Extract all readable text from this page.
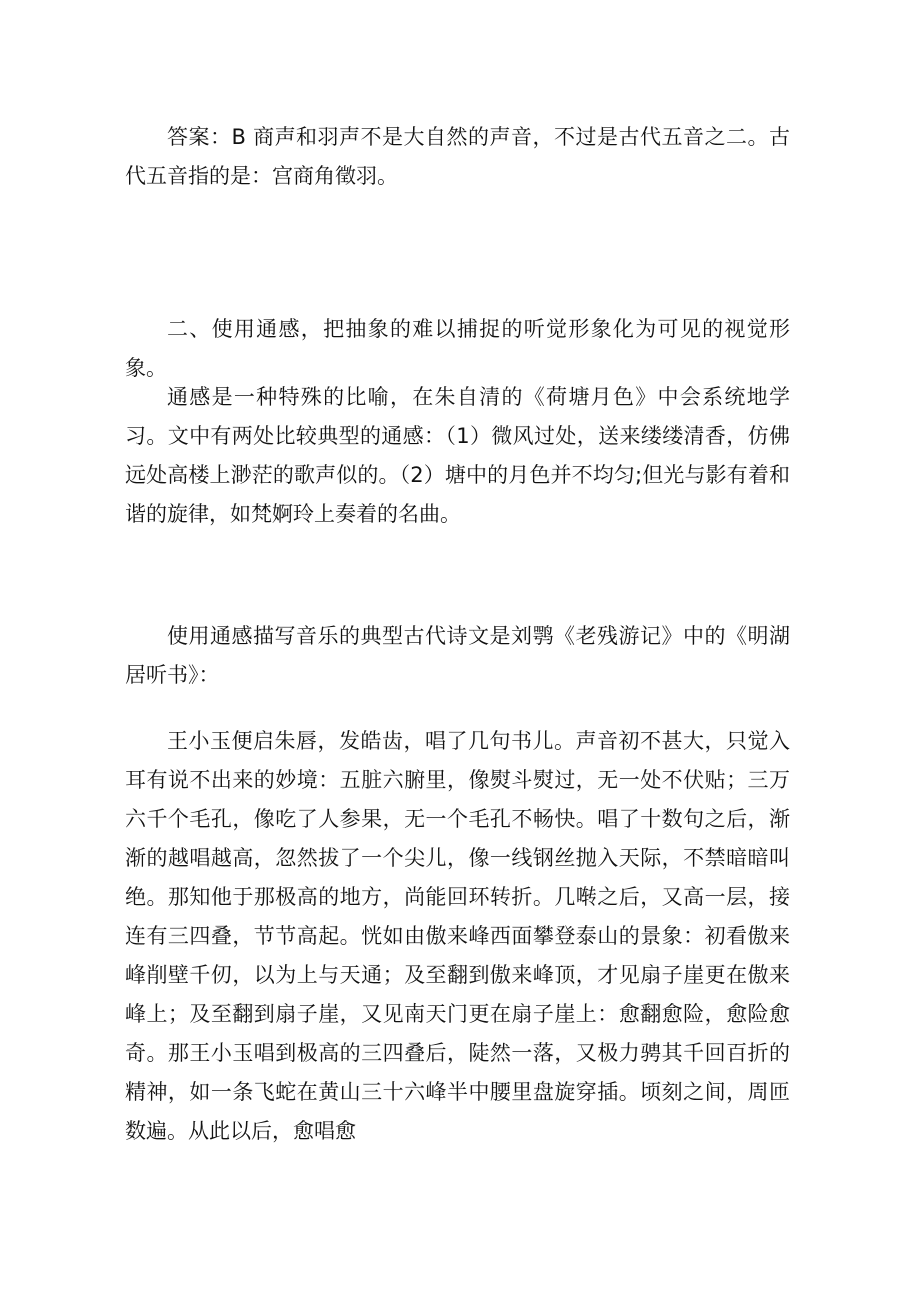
答案：B 商声和羽声不是大自然的声音，不过是古代五音之二。古代五音指的是：宫商角徵羽。

二、使用通感，把抽象的难以捕捉的听觉形象化为可见的视觉形象。

通感是一种特殊的比喻，在朱自清的《荷塘月色》中会系统地学习。文中有两处比较典型的通感：（1）微风过处，送来缕缕清香，仿佛远处高楼上渺茫的歌声似的。（2）塘中的月色并不均匀;但光与影有着和谐的旋律，如梵婀玲上奏着的名曲。

使用通感描写音乐的典型古代诗文是刘鹗《老残游记》中的《明湖居听书》：

王小玉便启朱唇，发皓齿，唱了几句书儿。声音初不甚大，只觉入耳有说不出来的妙境：五脏六腑里，像熨斗熨过，无一处不伏贴；三万六千个毛孔，像吃了人参果，无一个毛孔不畅快。唱了十数句之后，渐渐的越唱越高，忽然拔了一个尖儿，像一线钢丝抛入天际，不禁暗暗叫绝。那知他于那极高的地方，尚能回环转折。几啭之后，又高一层，接连有三四叠，节节高起。恍如由傲来峰西面攀登泰山的景象：初看傲来峰削壁千仞，以为上与天通；及至翻到傲来峰顶，才见扇子崖更在傲来峰上；及至翻到扇子崖，又见南天门更在扇子崖上：愈翻愈险，愈险愈奇。那王小玉唱到极高的三四叠后，陡然一落，又极力骋其千回百折的精神，如一条飞蛇在黄山三十六峰半中腰里盘旋穿插。顷刻之间，周匝数遍。从此以后，愈唱愈
